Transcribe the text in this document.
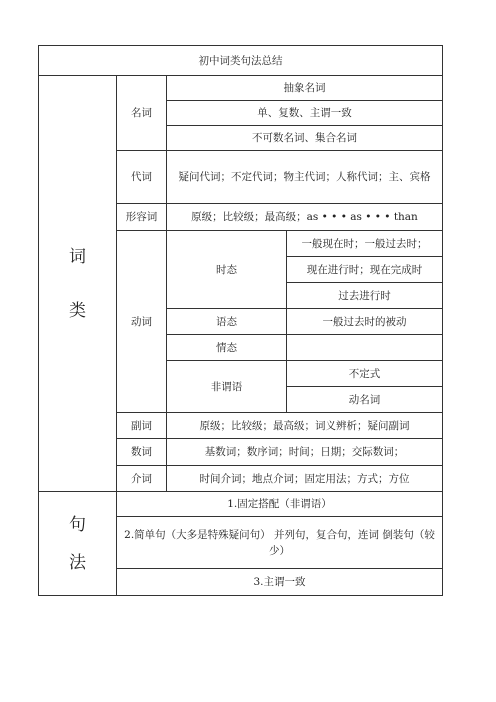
初中词类句法总结			
词

类	名词	抽象名词	
		单、复数、主谓一致	
		不可数名词、集合名词	
	代词	疑问代词；不定代词；物主代词；人称代词；主、宾格	
	形容词	原级；比较级；最高级；as • • • as • • • than	
	动词	时态	一般现在时；一般过去时；
			现在进行时；现在完成时
			过去进行时
		语态	一般过去时的被动
		情态	
		非谓语	不定式
			动名词
	副词	原级；比较级；最高级；词义辨析；疑问副词	
	数词	基数词；数序词；时间；日期；交际数词；	
	介词	时间介词；地点介词；固定用法；方式；方位	
句
法	1.固定搭配（非谓语）		
	2.简单句（大多是特殊疑问句） 并列句，复合句，连词 倒装句（较少）		
	3.主谓一致		
